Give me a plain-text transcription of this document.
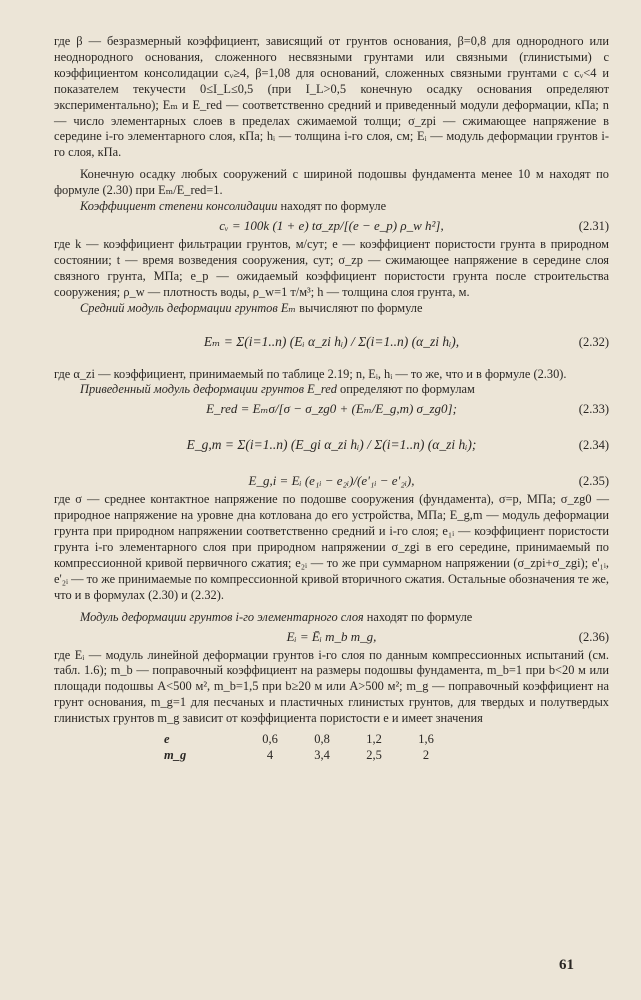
где β — безразмерный коэффициент, зависящий от грунтов основания, β=0,8 для однородного или неоднородного основания, сложенного несвязными грунтами или связными (глинистыми) с коэффициентом консолидации cᵥ≥4, β=1,08 для оснований, сложенных связными грунтами с cᵥ<4 и показателем текучести 0≤I_L≤0,5 (при I_L>0,5 конечную осадку основания определяют экспериментально); Eₘ и E_red — соответственно средний и приведенный модули деформации, кПа; n — число элементарных слоев в пределах сжимаемой толщи; σ_zpi — сжимающее напряжение в середине i-го элементарного слоя, кПа; hᵢ — толщина i-го слоя, см; Eᵢ — модуль деформации грунтов i-го слоя, кПа.

Конечную осадку любых сооружений с шириной подошвы фундамента менее 10 м находят по формуле (2.30) при Eₘ/E_red=1.

Коэффициент степени консолидации находят по формуле

cᵥ = 100k (1 + e) tσ_zp/[(e − e_p) ρ_w h²],	(2.31)

где k — коэффициент фильтрации грунтов, м/сут; e — коэффициент пористости грунта в природном состоянии; t — время возведения сооружения, сут; σ_zp — сжимающее напряжение в середине слоя связного грунта, МПа; e_p — ожидаемый коэффициент пористости грунта после строительства сооружения; ρ_w — плотность воды, ρ_w=1 т/м³; h — толщина слоя грунта, м.

Средний модуль деформации грунтов Eₘ вычисляют по формуле

Eₘ = Σ(i=1..n) (Eᵢ α_zi hᵢ) / Σ(i=1..n) (α_zi hᵢ),	(2.32)

где α_zi — коэффициент, принимаемый по таблице 2.19; n, Eᵢ, hᵢ — то же, что и в формуле (2.30).

Приведенный модуль деформации грунтов E_red определяют по формулам

E_red = Eₘσ/[σ − σ_zg0 + (Eₘ/E_g,m) σ_zg0];	(2.33)
E_g,m = Σ(i=1..n) (E_gi α_zi hᵢ) / Σ(i=1..n) (α_zi hᵢ);	(2.34)
E_g,i = Eᵢ (e₁ᵢ − e₂ᵢ)/(e'₁ᵢ − e'₂ᵢ),	(2.35)

где σ — среднее контактное напряжение по подошве сооружения (фундамента), σ=p, МПа; σ_zg0 — природное напряжение на уровне дна котлована до его устройства, МПа; E_g,m — модуль деформации грунта при природном напряжении соответственно средний и i-го слоя; e₁ᵢ — коэффициент пористости грунта i-го элементарного слоя при природном напряжении σ_zgi в его середине, принимаемый по компрессионной кривой первичного сжатия; e₂ᵢ — то же при суммарном напряжении (σ_zpi+σ_zgi); e'₁ᵢ, e'₂ᵢ — то же принимаемые по компрессионной кривой вторичного сжатия. Остальные обозначения те же, что и в формулах (2.30) и (2.32).

Модуль деформации грунтов i-го элементарного слоя находят по формуле

Eᵢ = Ēᵢ m_b m_g,	(2.36)

где Eᵢ — модуль линейной деформации грунтов i-го слоя по данным компрессионных испытаний (см. табл. 1.6); m_b — поправочный коэффициент на размеры подошвы фундамента, m_b=1 при b<20 м или площади подошвы A<500 м², m_b=1,5 при b≥20 м или A>500 м²; m_g — поправочный коэффициент на грунт основания, m_g=1 для песчаных и пластичных глинистых грунтов, для твердых и полутвердых глинистых грунтов m_g зависит от коэффициента пористости e и имеет значения

e	0,6	0,8	1,2	1,6
m_g	4	3,4	2,5	2
61
